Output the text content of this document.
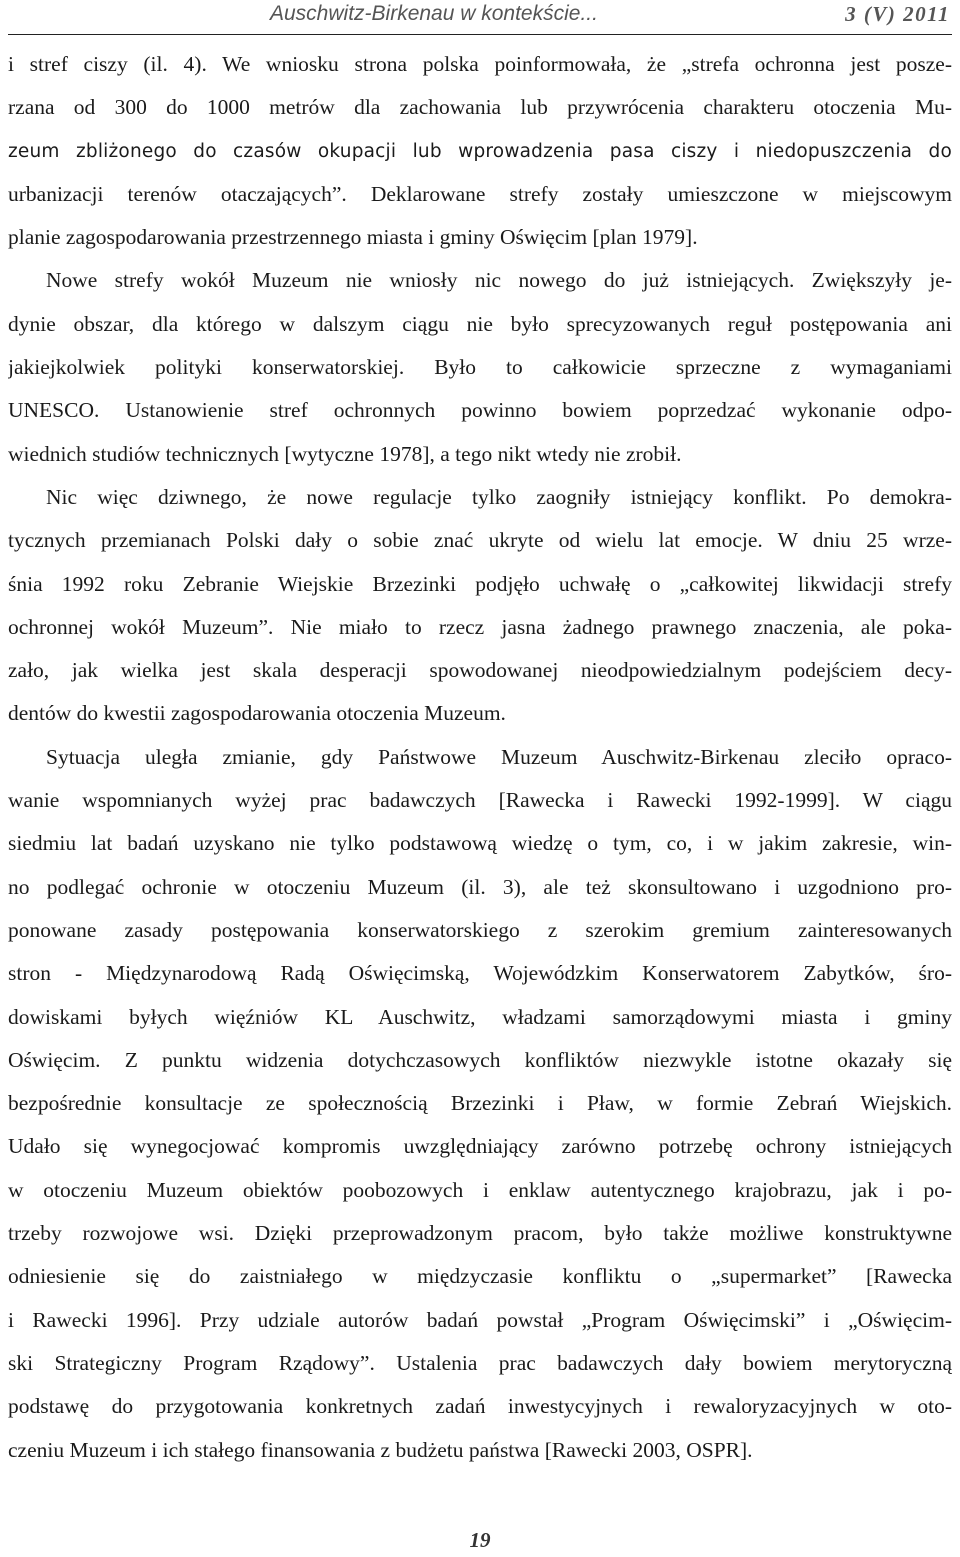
Auschwitz-Birkenau w kontekście...	3 (V) 2011
i stref ciszy (il. 4). We wniosku strona polska poinformowała, że „strefa ochronna jest posze-
rzana od 300 do 1000 metrów dla zachowania lub przywrócenia charakteru otoczenia Mu-
zeum zbliżonego do czasów okupacji lub wprowadzenia pasa ciszy i niedopuszczenia do
urbanizacji terenów otaczających”. Deklarowane strefy zostały umieszczone w miejscowym
planie zagospodarowania przestrzennego miasta i gminy Oświęcim [plan 1979].
Nowe strefy wokół Muzeum nie wniosły nic nowego do już istniejących. Zwiększyły je-
dynie obszar, dla którego w dalszym ciągu nie było sprecyzowanych reguł postępowania ani
jakiejkolwiek polityki konserwatorskiej. Było to całkowicie sprzeczne z wymaganiami
UNESCO. Ustanowienie stref ochronnych powinno bowiem poprzedzać wykonanie odpo-
wiednich studiów technicznych [wytyczne 1978], a tego nikt wtedy nie zrobił.
Nic więc dziwnego, że nowe regulacje tylko zaogniły istniejący konflikt. Po demokra-
tycznych przemianach Polski dały o sobie znać ukryte od wielu lat emocje. W dniu 25 wrze-
śnia 1992 roku Zebranie Wiejskie Brzezinki podjęło uchwałę o „całkowitej likwidacji strefy
ochronnej wokół Muzeum”. Nie miało to rzecz jasna żadnego prawnego znaczenia, ale poka-
zało, jak wielka jest skala desperacji spowodowanej nieodpowiedzialnym podejściem decy-
dentów do kwestii zagospodarowania otoczenia Muzeum.
Sytuacja uległa zmianie, gdy Państwowe Muzeum Auschwitz-Birkenau zleciło opraco-
wanie wspomnianych wyżej prac badawczych [Rawecka i Rawecki 1992-1999]. W ciągu
siedmiu lat badań uzyskano nie tylko podstawową wiedzę o tym, co, i w jakim zakresie, win-
no podlegać ochronie w otoczeniu Muzeum (il. 3), ale też skonsultowano i uzgodniono pro-
ponowane zasady postępowania konserwatorskiego z szerokim gremium zainteresowanych
stron - Międzynarodową Radą Oświęcimską, Wojewódzkim Konserwatorem Zabytków, śro-
dowiskami byłych więźniów KL Auschwitz, władzami samorządowymi miasta i gminy
Oświęcim. Z punktu widzenia dotychczasowych konfliktów niezwykle istotne okazały się
bezpośrednie konsultacje ze społecznością Brzezinki i Pław, w formie Zebrań Wiejskich.
Udało się wynegocjować kompromis uwzględniający zarówno potrzebę ochrony istniejących
w otoczeniu Muzeum obiektów poobozowych i enklaw autentycznego krajobrazu, jak i po-
trzeby rozwojowe wsi. Dzięki przeprowadzonym pracom, było także możliwe konstruktywne
odniesienie się do zaistniałego w międzyczasie konfliktu o „supermarket” [Rawecka
i Rawecki 1996]. Przy udziale autorów badań powstał „Program Oświęcimski” i „Oświęcim-
ski Strategiczny Program Rządowy”. Ustalenia prac badawczych dały bowiem merytoryczną
podstawę do przygotowania konkretnych zadań inwestycyjnych i rewaloryzacyjnych w oto-
czeniu Muzeum i ich stałego finansowania z budżetu państwa [Rawecki 2003, OSPR].
19
